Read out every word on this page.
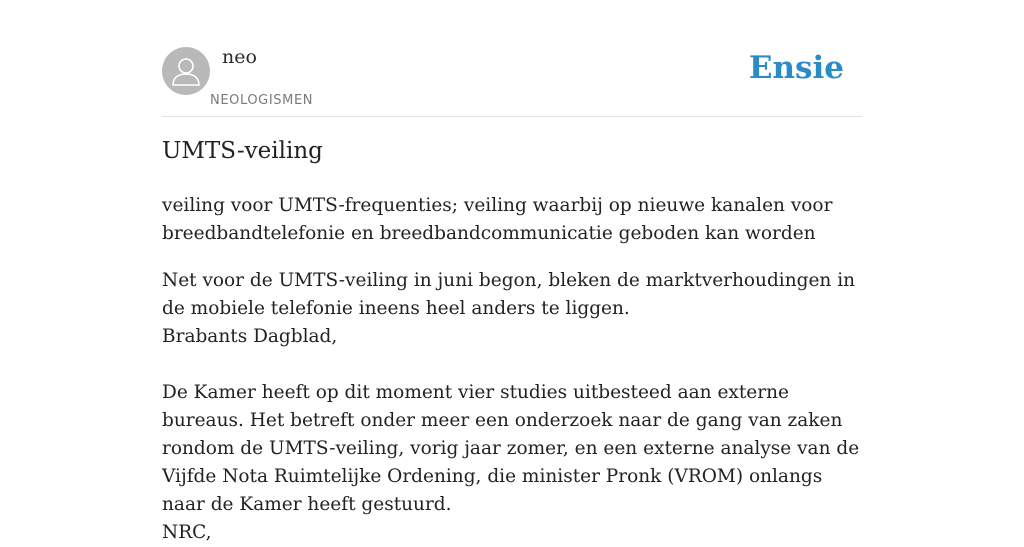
neo
NEOLOGISMEN
Ensie
UMTS-veiling

veiling voor UMTS-frequenties; veiling waarbij op nieuwe kanalen voor breedbandtelefonie en breedbandcommunicatie geboden kan worden

Net voor de UMTS-veiling in juni begon, bleken de marktverhoudingen in de mobiele telefonie ineens heel anders te liggen.

Brabants Dagblad,

De Kamer heeft op dit moment vier studies uitbesteed aan externe bureaus. Het betreft onder meer een onderzoek naar de gang van zaken rondom de UMTS-veiling, vorig jaar zomer, en een externe analyse van de Vijfde Nota Ruimtelijke Ordening, die minister Pronk (VROM) onlangs naar de Kamer heeft gestuurd.

NRC,
